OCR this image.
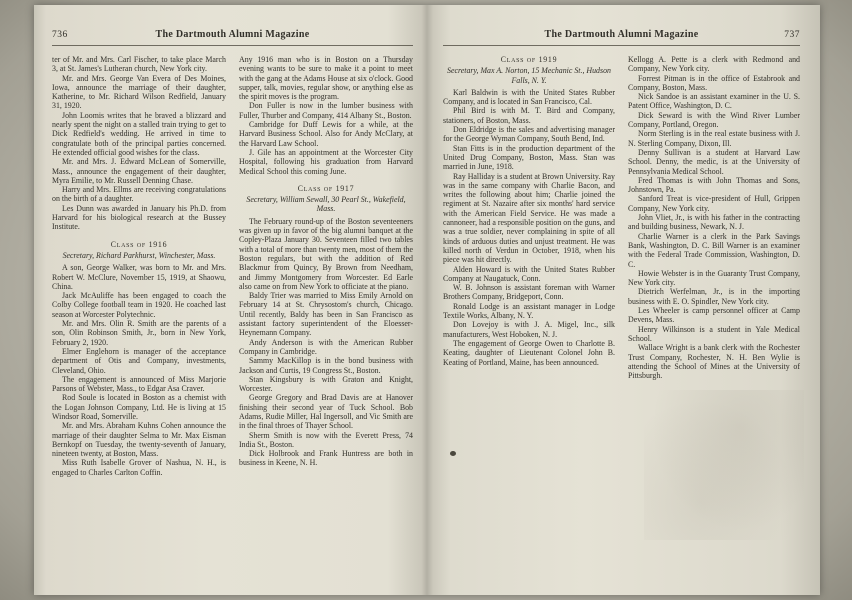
736	The Dartmouth Alumni Magazine

ter of Mr. and Mrs. Carl Fischer, to take place March 3, at St. James's Lutheran church, New York city.

Mr. and Mrs. George Van Evera of Des Moines, Iowa, announce the marriage of their daughter, Katherine, to Mr. Richard Wilson Redfield, January 31, 1920.

John Loomis writes that he braved a blizzard and nearly spent the night on a stalled train trying to get to Dick Redfield's wedding. He arrived in time to congratulate both of the principal parties concerned. He extended official good wishes for the class.

Mr. and Mrs. J. Edward McLean of Somerville, Mass., announce the engagement of their daughter, Myra Emilie, to Mr. Russell Denning Chase.

Harry and Mrs. Ellms are receiving congratulations on the birth of a daughter.

Les Dunn was awarded in January his Ph.D. from Harvard for his biological research at the Bussey Institute.

Class of 1916

Secretary, Richard Parkhurst, Winchester, Mass.

A son, George Walker, was born to Mr. and Mrs. Robert W. McClure, November 15, 1919, at Shaowu, China.

Jack McAuliffe has been engaged to coach the Colby College football team in 1920. He coached last season at Worcester Polytechnic.

Mr. and Mrs. Olin R. Smith are the parents of a son, Olin Robinson Smith, Jr., born in New York, February 2, 1920.

Elmer Englehorn is manager of the acceptance department of Otis and Company, investments, Cleveland, Ohio.

The engagement is announced of Miss Marjorie Parsons of Webster, Mass., to Edgar Asa Craver.

Rod Soule is located in Boston as a chemist with the Logan Johnson Company, Ltd. He is living at 15 Windsor Road, Somerville.

Mr. and Mrs. Abraham Kuhns Cohen announce the marriage of their daughter Selma to Mr. Max Eisman Bernkopf on Tuesday, the twenty-seventh of January, nineteen twenty, at Boston, Mass.

Miss Ruth Isabelle Grover of Nashua, N. H., is engaged to Charles Carlton Coffin.

Any 1916 man who is in Boston on a Thursday evening wants to be sure to make it a point to meet with the gang at the Adams House at six o'clock. Good supper, talk, movies, regular show, or anything else as the spirit moves is the program.

Don Fuller is now in the lumber business with Fuller, Thurber and Company, 414 Albany St., Boston.

Cambridge for Duff Lewis for a while, at the Harvard Business School. Also for Andy McClary, at the Harvard Law School.

J. Gile has an appointment at the Worcester City Hospital, following his graduation from Harvard Medical School this coming June.

Class of 1917

Secretary, William Sewall, 30 Pearl St., Wakefield, Mass.

The February round-up of the Boston seventeeners was given up in favor of the big alumni banquet at the Copley-Plaza January 30. Seventeen filled two tables with a total of more than twenty men, most of them the Boston regulars, but with the addition of Red Blackmur from Quincy, By Brown from Needham, and Jimmy Montgomery from Worcester. Ed Earle also came on from New York to officiate at the piano.

Baldy Trier was married to Miss Emily Arnold on February 14 at St. Chrysostom's church, Chicago. Until recently, Baldy has been in San Francisco as assistant factory superintendent of the Eloesser-Heynemann Company.

Andy Anderson is with the American Rubber Company in Cambridge.

Sammy MacKillop is in the bond business with Jackson and Curtis, 19 Congress St., Boston.

Stan Kingsbury is with Graton and Knight, Worcester.

George Gregory and Brad Davis are at Hanover finishing their second year of Tuck School. Bob Adams, Rudie Miller, Hal Ingersoll, and Vic Smith are in the final throes of Thayer School.

Sherm Smith is now with the Everett Press, 74 India St., Boston.

Dick Holbrook and Frank Huntress are both in business in Keene, N. H.

The Dartmouth Alumni Magazine	737

Class of 1919

Secretary, Max A. Norton, 15 Mechanic St., Hudson Falls, N. Y.

Karl Baldwin is with the United States Rubber Company, and is located in San Francisco, Cal.

Phil Bird is with M. T. Bird and Company, stationers, of Boston, Mass.

Don Eldridge is the sales and advertising manager for the George Wyman Company, South Bend, Ind.

Stan Fitts is in the production department of the United Drug Company, Boston, Mass. Stan was married in June, 1918.

Ray Halliday is a student at Brown University. Ray was in the same company with Charlie Bacon, and writes the following about him; Charlie joined the regiment at St. Nazaire after six months' hard service with the American Field Service. He was made a cannoneer, had a responsible position on the guns, and was a true soldier, never complaining in spite of all kinds of arduous duties and unjust treatment. He was killed north of Verdun in October, 1918, when his piece was hit directly.

Alden Howard is with the United States Rubber Company at Naugatuck, Conn.

W. B. Johnson is assistant foreman with Warner Brothers Company, Bridgeport, Conn.

Ronald Lodge is an assistant manager in Lodge Textile Works, Albany, N. Y.

Don Lovejoy is with J. A. Migel, Inc., silk manufacturers, West Hoboken, N. J.

The engagement of George Owen to Charlotte B. Keating, daughter of Lieutenant Colonel John B. Keating of Portland, Maine, has been announced.

Kellogg A. Pette is a clerk with Redmond and Company, New York city.

Forrest Pitman is in the office of Estabrook and Company, Boston, Mass.

Nick Sandoe is an assistant examiner in the U. S. Patent Office, Washington, D. C.

Dick Seward is with the Wind River Lumber Company, Portland, Oregon.

Norm Sterling is in the real estate business with J. N. Sterling Company, Dixon, Ill.

Denny Sullivan is a student at Harvard Law School. Denny, the medic, is at the University of Pennsylvania Medical School.

Fred Thomas is with John Thomas and Sons, Johnstown, Pa.

Sanford Treat is vice-president of Hull, Grippen Company, New York city.

John Vliet, Jr., is with his father in the contracting and building business, Newark, N. J.

Charlie Warner is a clerk in the Park Savings Bank, Washington, D. C. Bill Warner is an examiner with the Federal Trade Commission, Washington, D. C.

Howie Webster is in the Guaranty Trust Company, New York city.

Dietrich Werfelman, Jr., is in the importing business with E. O. Spindler, New York city.

Les Wheeler is camp personnel officer at Camp Devens, Mass.

Henry Wilkinson is a student in Yale Medical School.

Wallace Wright is a bank clerk with the Rochester Trust Company, Rochester, N. H. Ben Wylie is attending the School of Mines at the University of Pittsburgh.
